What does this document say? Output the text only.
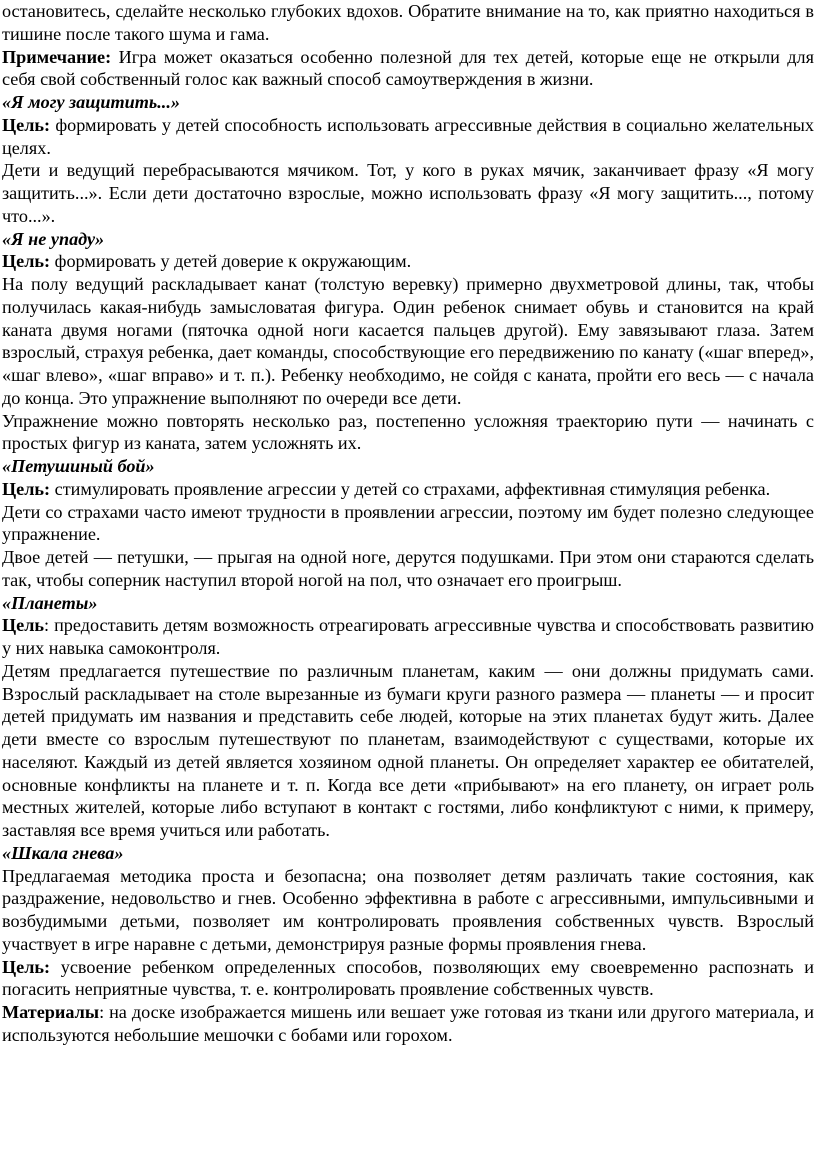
остановитесь, сделайте несколько глубоких вдохов. Обратите внимание на то, как приятно находиться в тишине после такого шума и гама.

Примечание: Игра может оказаться особенно полезной для тех детей, которые еще не открыли для себя свой собственный голос как важный способ самоутверждения в жизни.

«Я могу защитить...»

Цель: формировать у детей способность использовать агрессивные действия в социально желательных целях.

Дети и ведущий перебрасываются мячиком. Тот, у кого в руках мячик, заканчивает фразу «Я могу защитить...». Если дети достаточно взрослые, можно использовать фразу «Я могу защитить..., потому что...».

«Я не упаду»

Цель: формировать у детей доверие к окружающим.

На полу ведущий раскладывает канат (толстую веревку) примерно двухметровой длины, так, чтобы получилась какая-нибудь замысловатая фигура. Один ребенок снимает обувь и становится на край каната двумя ногами (пяточка одной ноги касается пальцев другой). Ему завязывают глаза. Затем взрослый, страхуя ребенка, дает команды, способствующие его передвижению по канату («шаг вперед», «шаг влево», «шаг вправо» и т. п.). Ребенку необходимо, не сойдя с каната, пройти его весь — с начала до конца. Это упражнение выполняют по очереди все дети.

Упражнение можно повторять несколько раз, постепенно усложняя траекторию пути — начинать с простых фигур из каната, затем усложнять их.

«Петушиный бой»

Цель: стимулировать проявление агрессии у детей со страхами, аффективная стимуляция ребенка.

Дети со страхами часто имеют трудности в проявлении агрессии, поэтому им будет полезно следующее упражнение.

Двое детей — петушки, — прыгая на одной ноге, дерутся подушками. При этом они стараются сделать так, чтобы соперник наступил второй ногой на пол, что означает его проигрыш.

«Планеты»

Цель: предоставить детям возможность отреагировать агрессивные чувства и способствовать развитию у них навыка самоконтроля.

Детям предлагается путешествие по различным планетам, каким — они должны придумать сами. Взрослый раскладывает на столе вырезанные из бумаги круги разного размера — планеты — и просит детей придумать им названия и представить себе людей, которые на этих планетах будут жить. Далее дети вместе со взрослым путешествуют по планетам, взаимодействуют с существами, которые их населяют. Каждый из детей является хозяином одной планеты. Он определяет характер ее обитателей, основные конфликты на планете и т. п. Когда все дети «прибывают» на его планету, он играет роль местных жителей, которые либо вступают в контакт с гостями, либо конфликтуют с ними, к примеру, заставляя все время учиться или работать.

«Шкала гнева»

Предлагаемая методика проста и безопасна; она позволяет детям различать такие состояния, как раздражение, недовольство и гнев. Особенно эффективна в работе с агрессивными, импульсивными и возбудимыми детьми, позволяет им контролировать проявления собственных чувств. Взрослый участвует в игре наравне с детьми, демонстрируя разные формы проявления гнева.

Цель: усвоение ребенком определенных способов, позволяющих ему своевременно распознать и погасить неприятные чувства, т. е. контролировать проявление собственных чувств.

Материалы: на доске изображается мишень или вешает уже готовая из ткани или другого материала, и используются небольшие мешочки с бобами или горохом.
